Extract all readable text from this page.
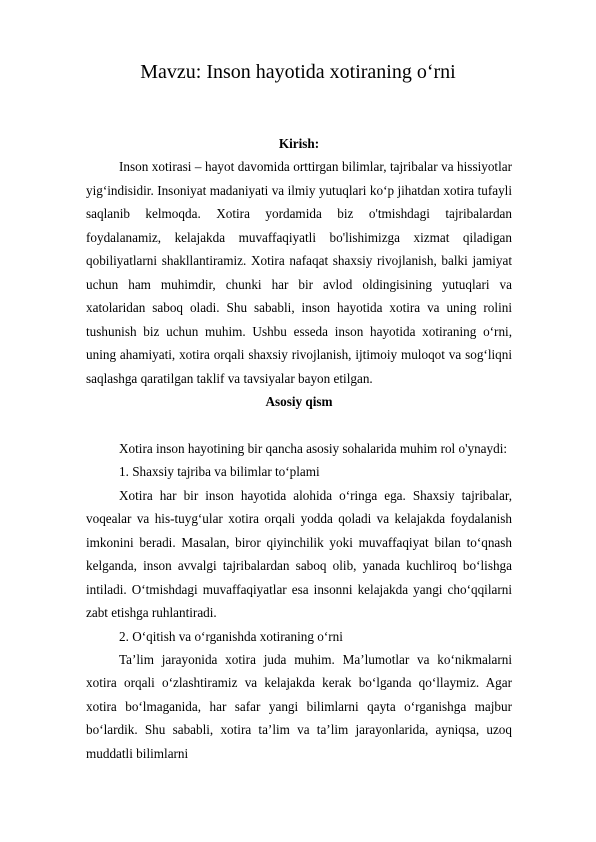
Mavzu: Inson hayotida xotiraning o‘rni

Kirish:

Inson xotirasi – hayot davomida orttirgan bilimlar, tajribalar va hissiyotlar yig‘indisidir. Insoniyat madaniyati va ilmiy yutuqlari ko‘p jihatdan xotira tufayli saqlanib kelmoqda. Xotira yordamida biz o'tmishdagi tajribalardan foydalanamiz, kelajakda muvaffaqiyatli bo'lishimizga xizmat qiladigan qobiliyatlarni shakllantiramiz. Xotira nafaqat shaxsiy rivojlanish, balki jamiyat uchun ham muhimdir, chunki har bir avlod oldingisining yutuqlari va xatolaridan saboq oladi. Shu sababli, inson hayotida xotira va uning rolini tushunish biz uchun muhim. Ushbu esseda inson hayotida xotiraning o‘rni, uning ahamiyati, xotira orqali shaxsiy rivojlanish, ijtimoiy muloqot va sog‘liqni saqlashga qaratilgan taklif va tavsiyalar bayon etilgan.

Asosiy qism

Xotira inson hayotining bir qancha asosiy sohalarida muhim rol o'ynaydi:

1. Shaxsiy tajriba va bilimlar to‘plami

Xotira har bir inson hayotida alohida o‘ringa ega. Shaxsiy tajribalar, voqealar va his-tuyg‘ular xotira orqali yodda qoladi va kelajakda foydalanish imkonini beradi. Masalan, biror qiyinchilik yoki muvaffaqiyat bilan to‘qnash kelganda, inson avvalgi tajribalardan saboq olib, yanada kuchliroq bo‘lishga intiladi. O‘tmishdagi muvaffaqiyatlar esa insonni kelajakda yangi cho‘qqilarni zabt etishga ruhlantiradi.

2. O‘qitish va o‘rganishda xotiraning o‘rni

Ta’lim jarayonida xotira juda muhim. Ma’lumotlar va ko‘nikmalarni xotira orqali o‘zlashtiramiz va kelajakda kerak bo‘lganda qo‘llaymiz. Agar xotira bo‘lmaganida, har safar yangi bilimlarni qayta o‘rganishga majbur bo‘lardik. Shu sababli, xotira ta’lim va ta’lim jarayonlarida, ayniqsa, uzoq muddatli bilimlarni
